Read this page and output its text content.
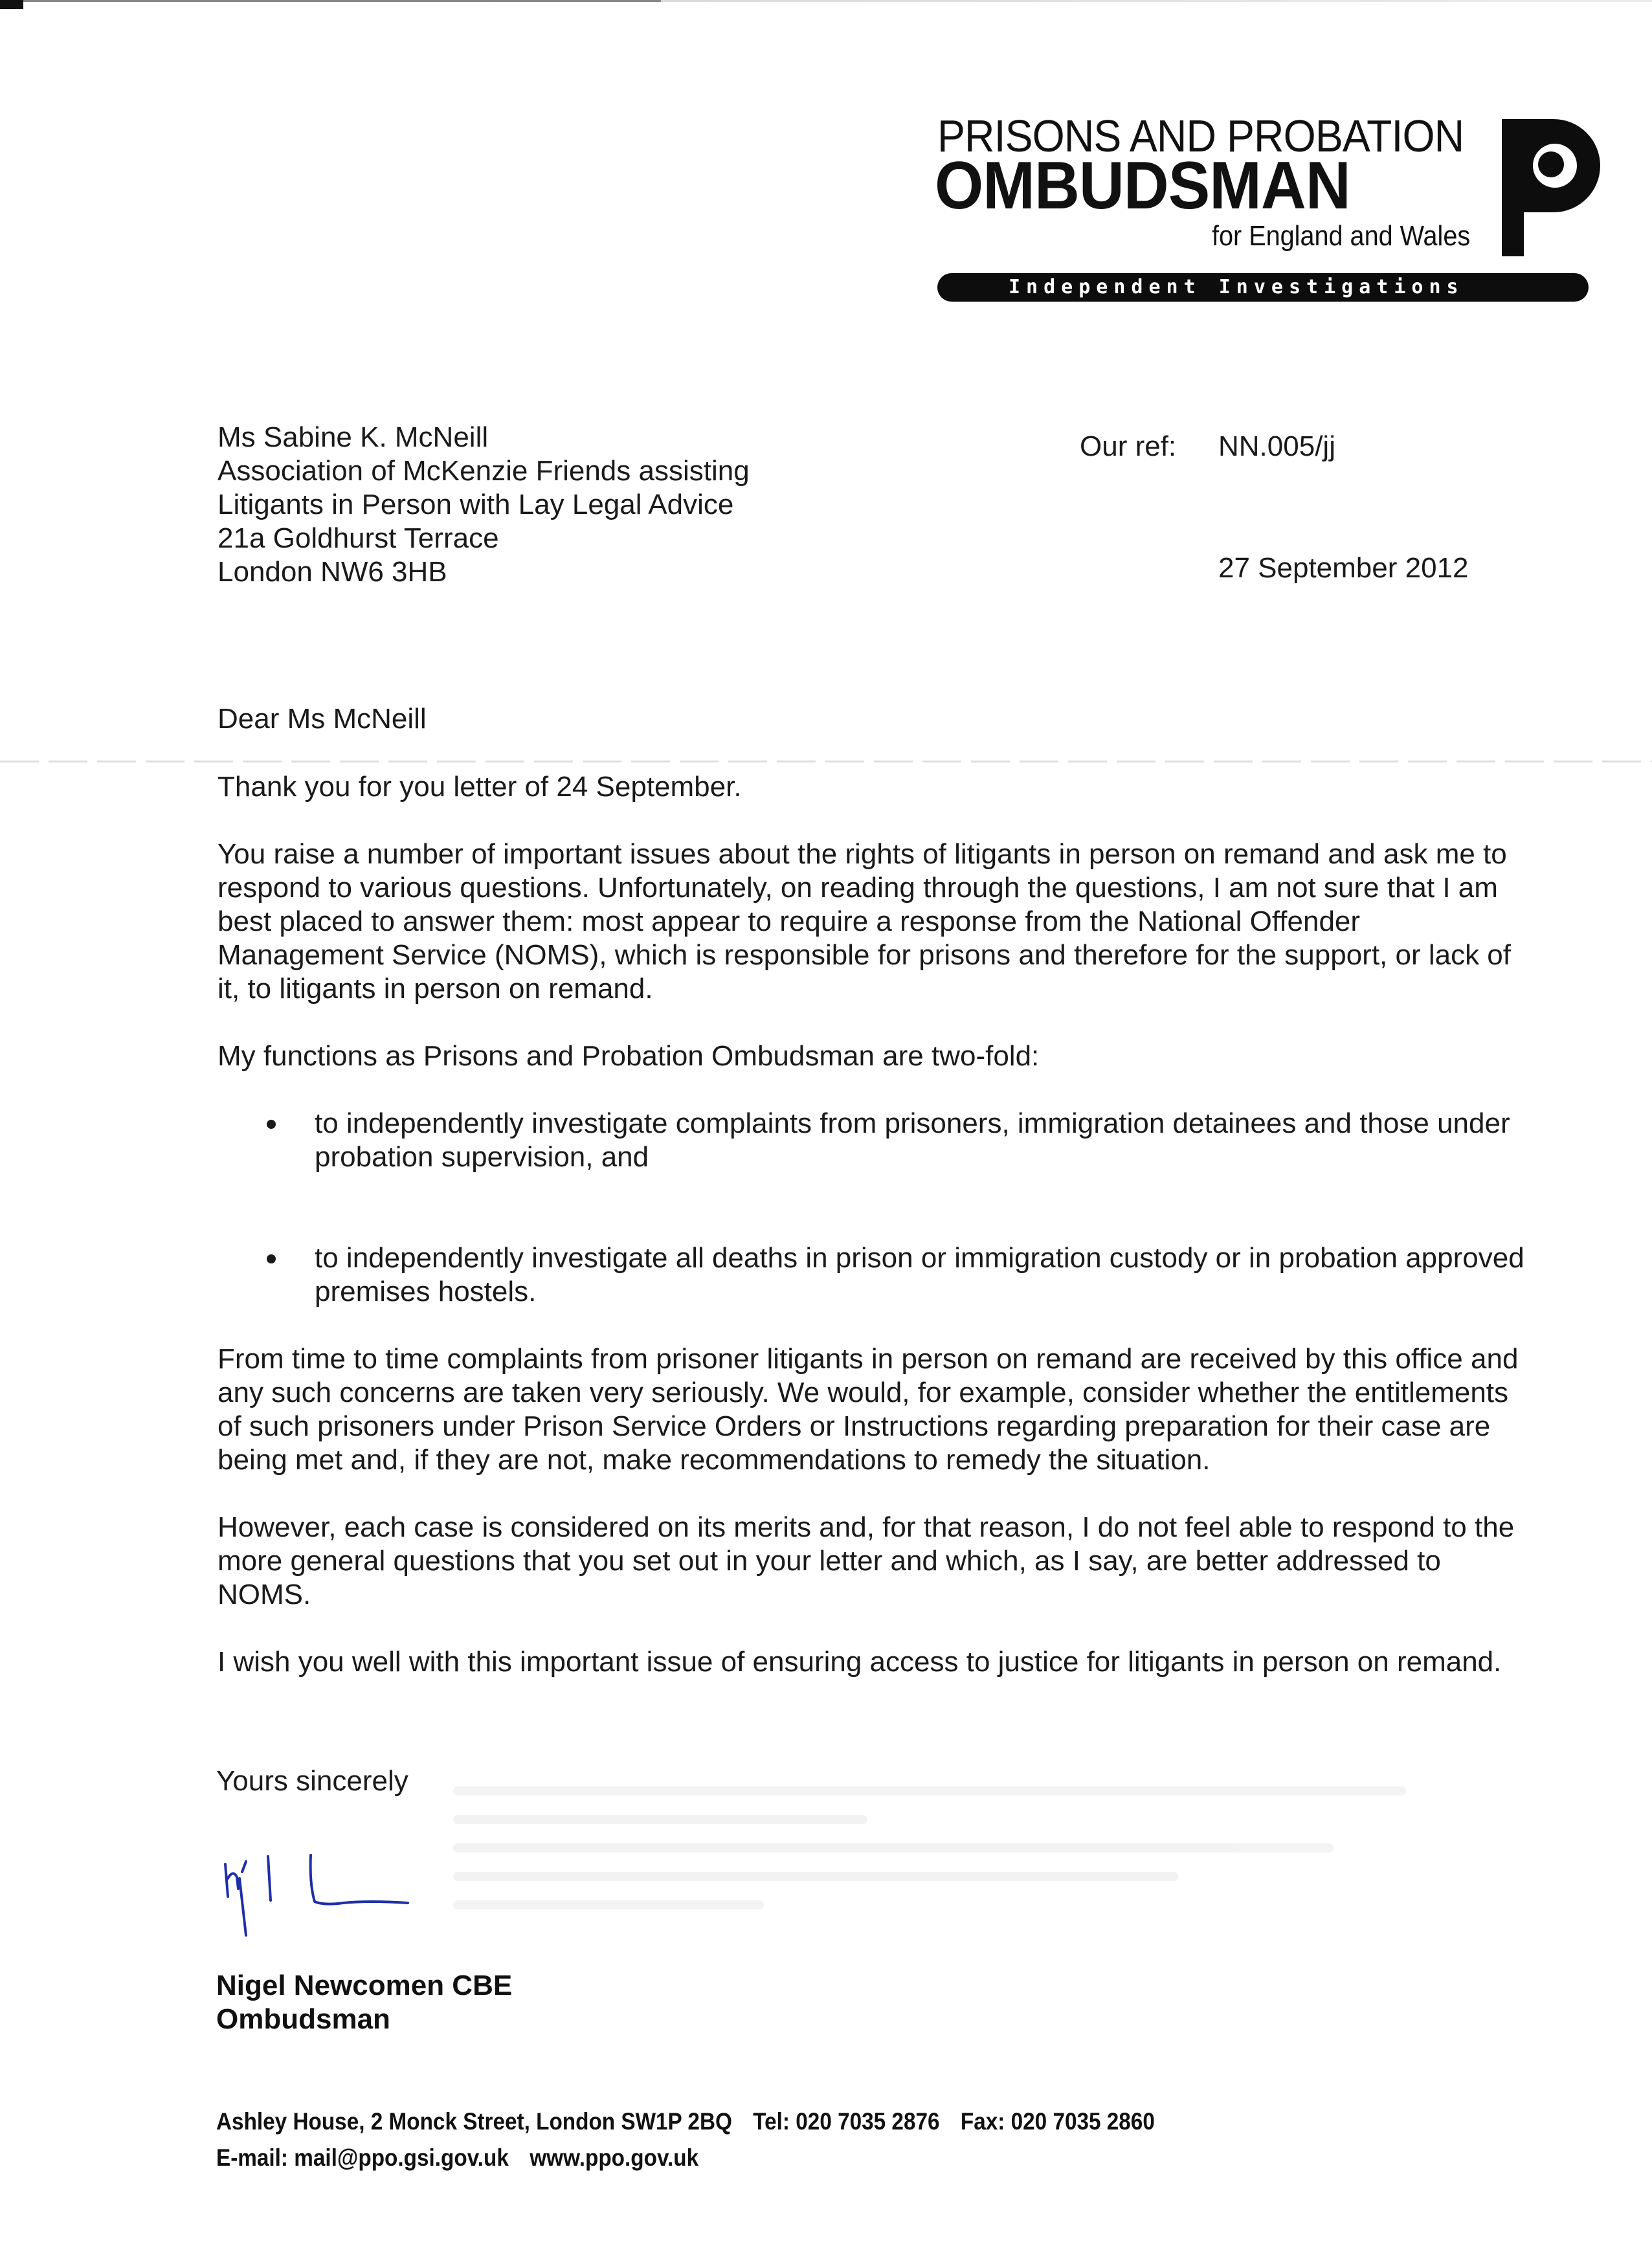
PRISONS AND PROBATION
OMBUDSMAN
for England and Wales
Independent Investigations
Ms Sabine K. McNeill
Association of McKenzie Friends assisting
Litigants in Person with Lay Legal Advice
21a Goldhurst Terrace
London NW6 3HB
Our ref: NN.005/jj
27 September 2012
Dear Ms McNeill

Thank you for you letter of 24 September.

You raise a number of important issues about the rights of litigants in person on remand and ask me to respond to various questions. Unfortunately, on reading through the questions, I am not sure that I am best placed to answer them: most appear to require a response from the National Offender Management Service (NOMS), which is responsible for prisons and therefore for the support, or lack of it, to litigants in person on remand.

My functions as Prisons and Probation Ombudsman are two-fold:

to independently investigate complaints from prisoners, immigration detainees and those under probation supervision, and
to independently investigate all deaths in prison or immigration custody or in probation approved premises hostels.

From time to time complaints from prisoner litigants in person on remand are received by this office and any such concerns are taken very seriously. We would, for example, consider whether the entitlements of such prisoners under Prison Service Orders or Instructions regarding preparation for their case are being met and, if they are not, make recommendations to remedy the situation.

However, each case is considered on its merits and, for that reason, I do not feel able to respond to the more general questions that you set out in your letter and which, as I say, are better addressed to NOMS.

I wish you well with this important issue of ensuring access to justice for litigants in person on remand.

Yours sincerely
Nigel Newcomen CBE
Ombudsman
Ashley House, 2 Monck Street, London SW1P 2BQ Tel: 020 7035 2876 Fax: 020 7035 2860
E-mail: mail@ppo.gsi.gov.uk www.ppo.gov.uk
